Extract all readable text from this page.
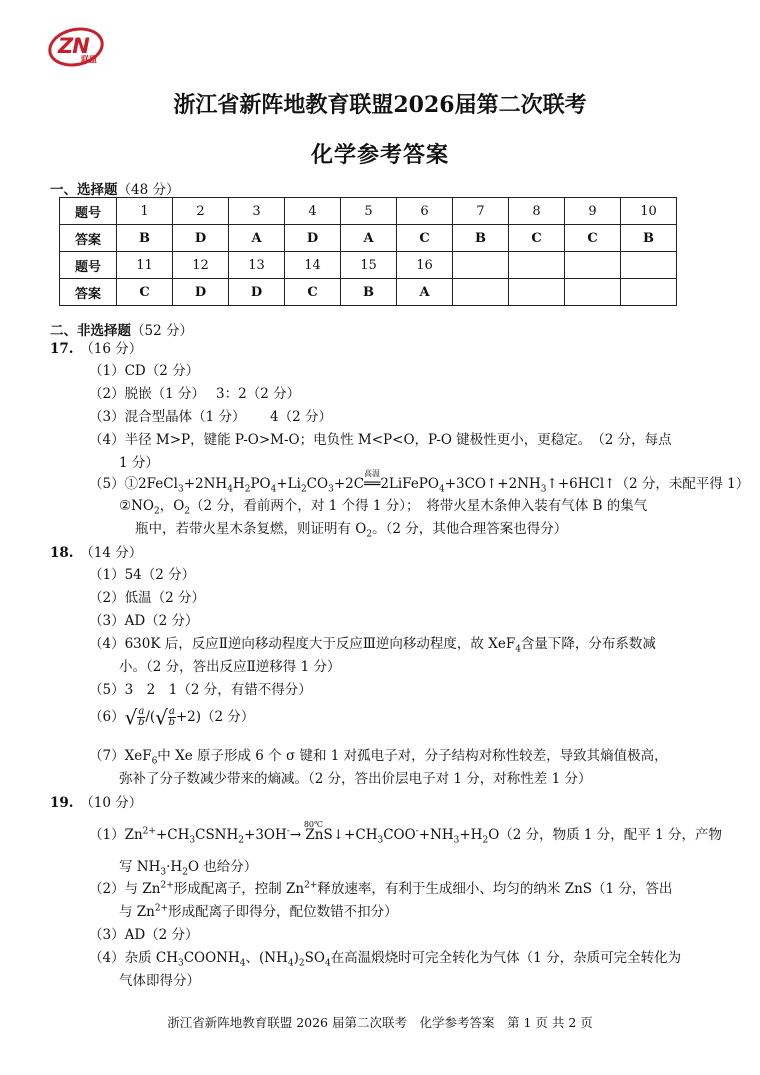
ZN
联盟
浙江省新阵地教育联盟2026届第二次联考
化学参考答案
一、选择题（48 分）
题号	1	2	3	4	5	6	7	8	9	10
答案	B	D	A	D	A	C	B	C	C	B
题号	11	12	13	14	15	16				
答案	C	D	D	C	B	A				
二、非选择题（52 分）
17.　 （16 分）
（1）CD（2 分）
（2）脱嵌（1 分）　 3：2（2 分）
（3）混合型晶体（1 分）　　 4（2 分）
（4）半径 M>P，键能 P-O>M-O；电负性 M<P<O，P-O 键极性更小，更稳定。　（2 分，每点
1 分）
$(5)①2FeCl_3+2NH_4H_2PO_4+Li_2CO_3+2C$
高温
$══2LiFePO_4+3CO↑+2NH_3↑+6HCl↑(2$ 分，未配平得 1）
$②NO_2$，$O_2(2$ 分，看前两个，对 1 个得 1 分）；　将带火星木条伸入装有气体 B 的集气
瓶中，若带火星木条复燃，则证明有 $O_2$。（2 分，其他合理答案也得分）
18.　 （14 分）
（1）54（2 分）
（2）低温（2 分）
（3）AD（2 分）
（4）630K 后，反应Ⅱ逆向移动程度大于反应Ⅲ逆向移动程度，故 XeF$_4$含量下降，分布系数减
小。（2 分，答出反应Ⅱ逆移得 1 分）
（5）3　2　1（2 分，有错不得分）
$(6)√ \frac{a}{b}$ /(√ $\frac{a}{b} +2)(2$ 分）
（7）XeF$_6$中 Xe 原子形成 6 个 σ 键和 1 对孤电子对，分子结构对称性较差，导致其熵值极高，
弥补了分子数减少带来的熵减。（2 分，答出价层电子对 1 分，对称性差 1 分）
19.　 （10 分）
$(1)Zn^{2+}+CH_3CSNH_2+3OH^-$
80℃
→ $ZnS↓+CH_3COO^-+NH_3+H_2O(2$ 分，物质 1 分，配平 1 分，产物
写 $NH_3\cdot H_2O$ 也给分）
（2）与 $Zn^{2+}$形成配离子，控制 $Zn^{2+}$释放速率，有利于生成细小、均匀的纳米 ZnS（1 分，答出
与 $Zn^{2+}$形成配离子即得分，配位数错不扣分）
（3）AD（2 分）
（4）杂质 $CH_3COONH_4$、$(NH_4)_2SO_4$在高温煅烧时可完全转化为气体（1 分，杂质可完全转化为
气体即得分）
浙江省新阵地教育联盟 2026 届第二次联考　化学参考答案　第 1 页 共 2 页
